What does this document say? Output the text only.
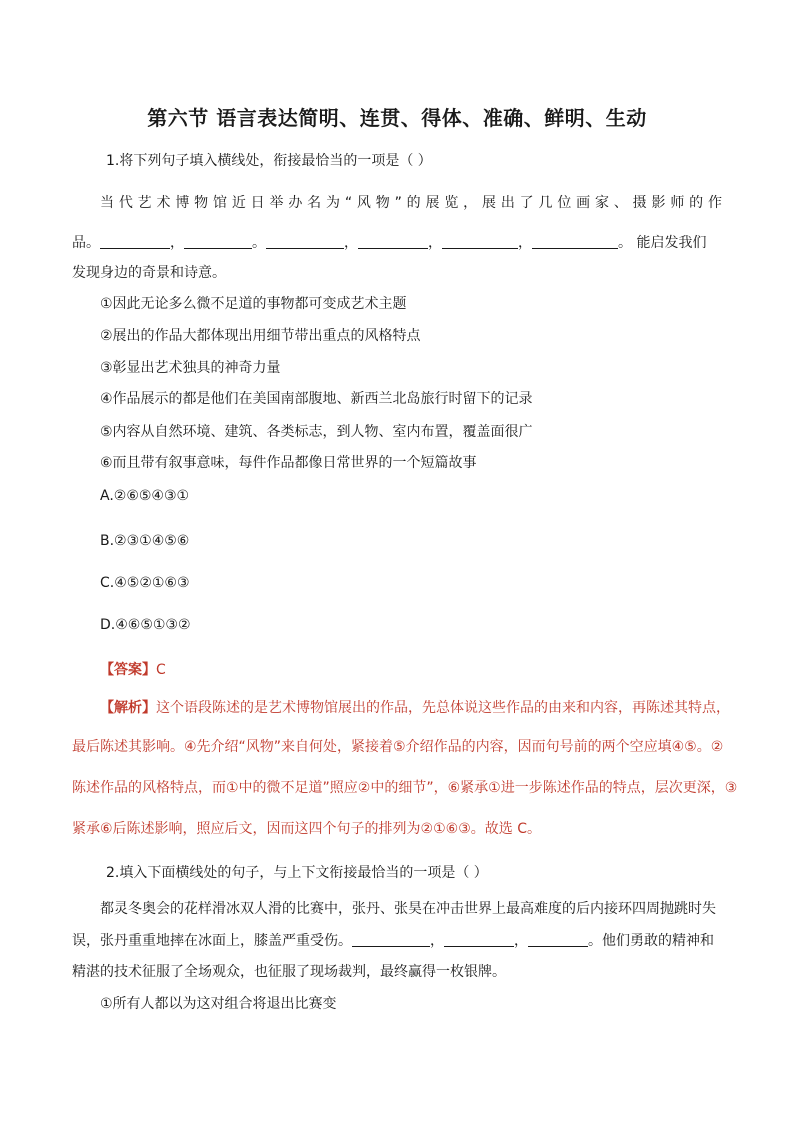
第六节 语言表达简明、连贯、得体、准确、鲜明、生动
1.将下列句子填入横线处，衔接最恰当的一项是（ ）
当代艺术博物馆近日举办名为“风物”的展览，展出了几位画家、摄影师的作
品。	，	。	，	，	，	。 能启发我们
发现身边的奇景和诗意。
①因此无论多么微不足道的事物都可变成艺术主题
②展出的作品大都体现出用细节带出重点的风格特点
③彰显出艺术独具的神奇力量
④作品展示的都是他们在美国南部腹地、新西兰北岛旅行时留下的记录
⑤内容从自然环境、建筑、各类标志，到人物、室内布置，覆盖面很广
⑥而且带有叙事意味，每件作品都像日常世界的一个短篇故事
A.②⑥⑤④③①
B.②③①④⑤⑥
C.④⑤②①⑥③
D.④⑥⑤①③②
【答案】C
【解析】这个语段陈述的是艺术博物馆展出的作品，先总体说这些作品的由来和内容，再陈述其特点，
最后陈述其影响。④先介绍“风物”来自何处，紧接着⑤介绍作品的内容，因而句号前的两个空应填④⑤。②
陈述作品的风格特点，而①中的微不足道”照应②中的细节”，⑥紧承①进一步陈述作品的特点，层次更深，③
紧承⑥后陈述影响，照应后文，因而这四个句子的排列为②①⑥③。故选 C。
2.填入下面横线处的句子，与上下文衔接最恰当的一项是（ ）
都灵冬奥会的花样滑冰双人滑的比赛中，张丹、张昊在冲击世界上最高难度的后内接环四周抛跳时失
误，张丹重重地摔在冰面上，膝盖严重受伤。	，	，	。他们勇敢的精神和
精湛的技术征服了全场观众，也征服了现场裁判，最终赢得一枚银牌。
①所有人都以为这对组合将退出比赛变
